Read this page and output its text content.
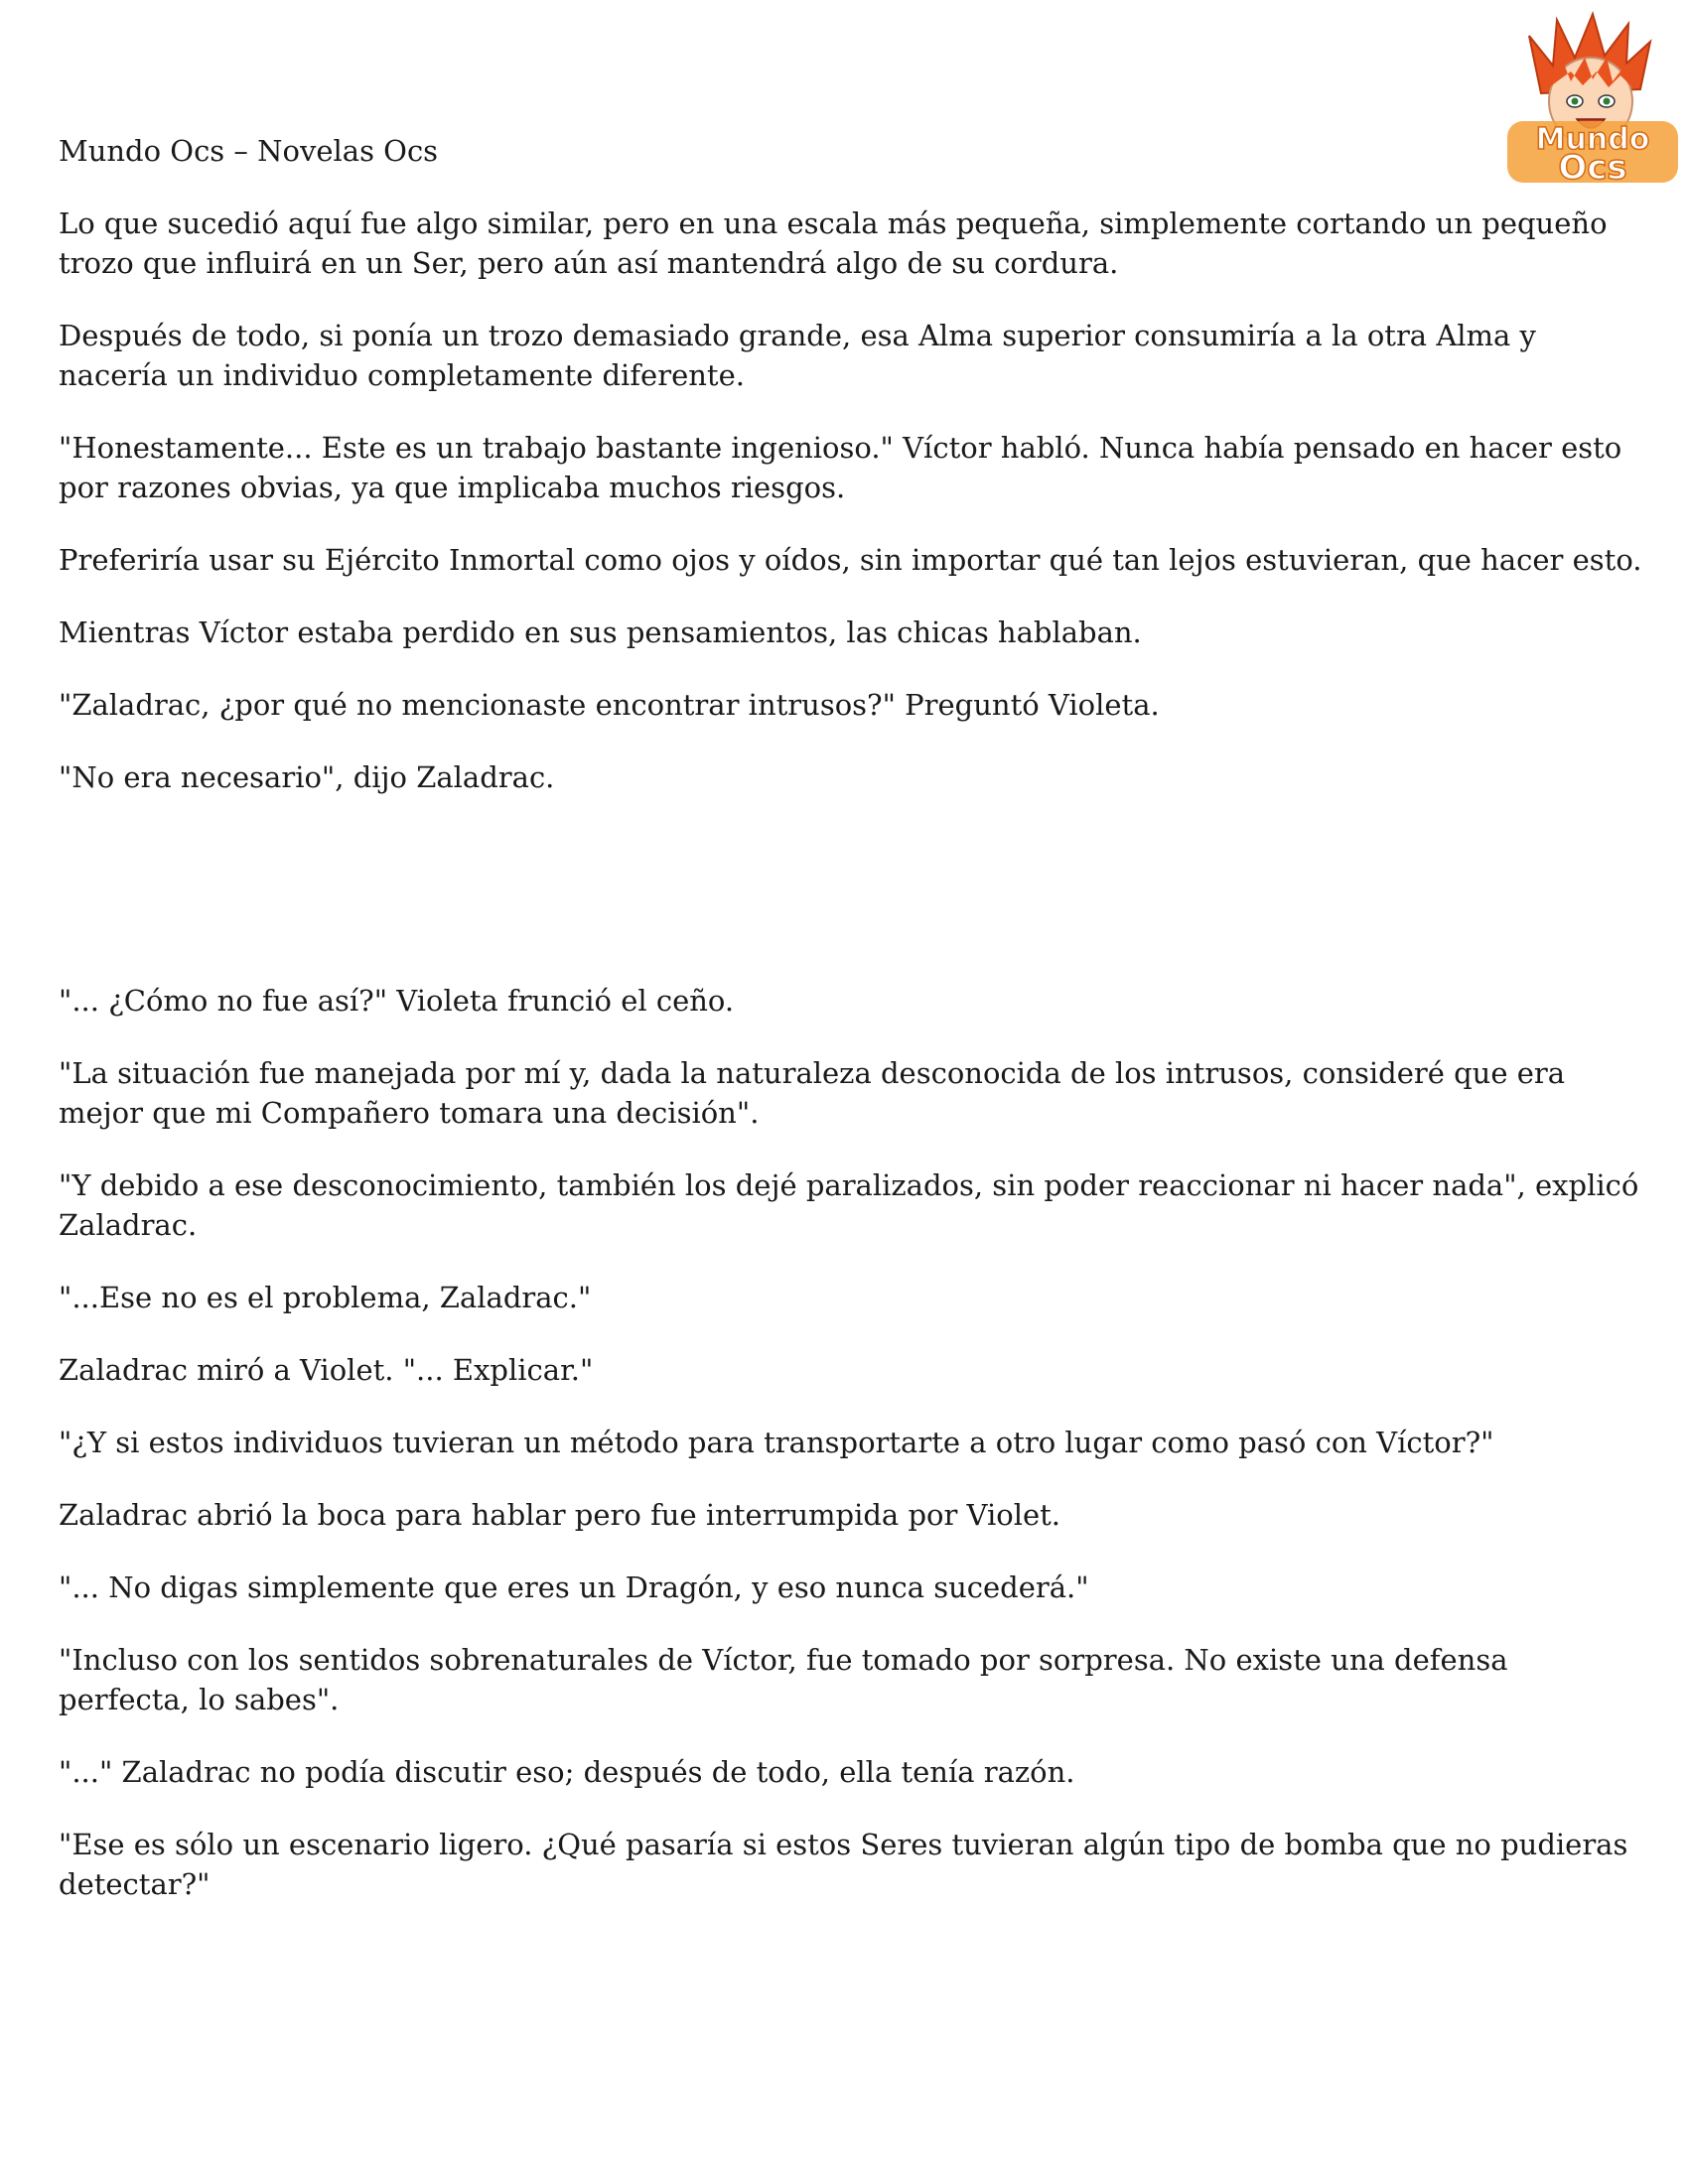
Mundo Ocs – Novelas Ocs	Mundo
Ocs

Lo que sucedió aquí fue algo similar, pero en una escala más pequeña, simplemente cortando un pequeño trozo que influirá en un Ser, pero aún así mantendrá algo de su cordura.

Después de todo, si ponía un trozo demasiado grande, esa Alma superior consumiría a la otra Alma y nacería un individuo completamente diferente.

"Honestamente... Este es un trabajo bastante ingenioso." Víctor habló. Nunca había pensado en hacer esto por razones obvias, ya que implicaba muchos riesgos.

Preferiría usar su Ejército Inmortal como ojos y oídos, sin importar qué tan lejos estuvieran, que hacer esto.

Mientras Víctor estaba perdido en sus pensamientos, las chicas hablaban.

"Zaladrac, ¿por qué no mencionaste encontrar intrusos?" Preguntó Violeta.

"No era necesario", dijo Zaladrac.

"... ¿Cómo no fue así?" Violeta frunció el ceño.

"La situación fue manejada por mí y, dada la naturaleza desconocida de los intrusos, consideré que era mejor que mi Compañero tomara una decisión".

"Y debido a ese desconocimiento, también los dejé paralizados, sin poder reaccionar ni hacer nada", explicó Zaladrac.

"...Ese no es el problema, Zaladrac."

Zaladrac miró a Violet. "... Explicar."

"¿Y si estos individuos tuvieran un método para transportarte a otro lugar como pasó con Víctor?"

Zaladrac abrió la boca para hablar pero fue interrumpida por Violet.

"... No digas simplemente que eres un Dragón, y eso nunca sucederá."

"Incluso con los sentidos sobrenaturales de Víctor, fue tomado por sorpresa. No existe una defensa perfecta, lo sabes".

"..." Zaladrac no podía discutir eso; después de todo, ella tenía razón.

"Ese es sólo un escenario ligero. ¿Qué pasaría si estos Seres tuvieran algún tipo de bomba que no pudieras detectar?"
